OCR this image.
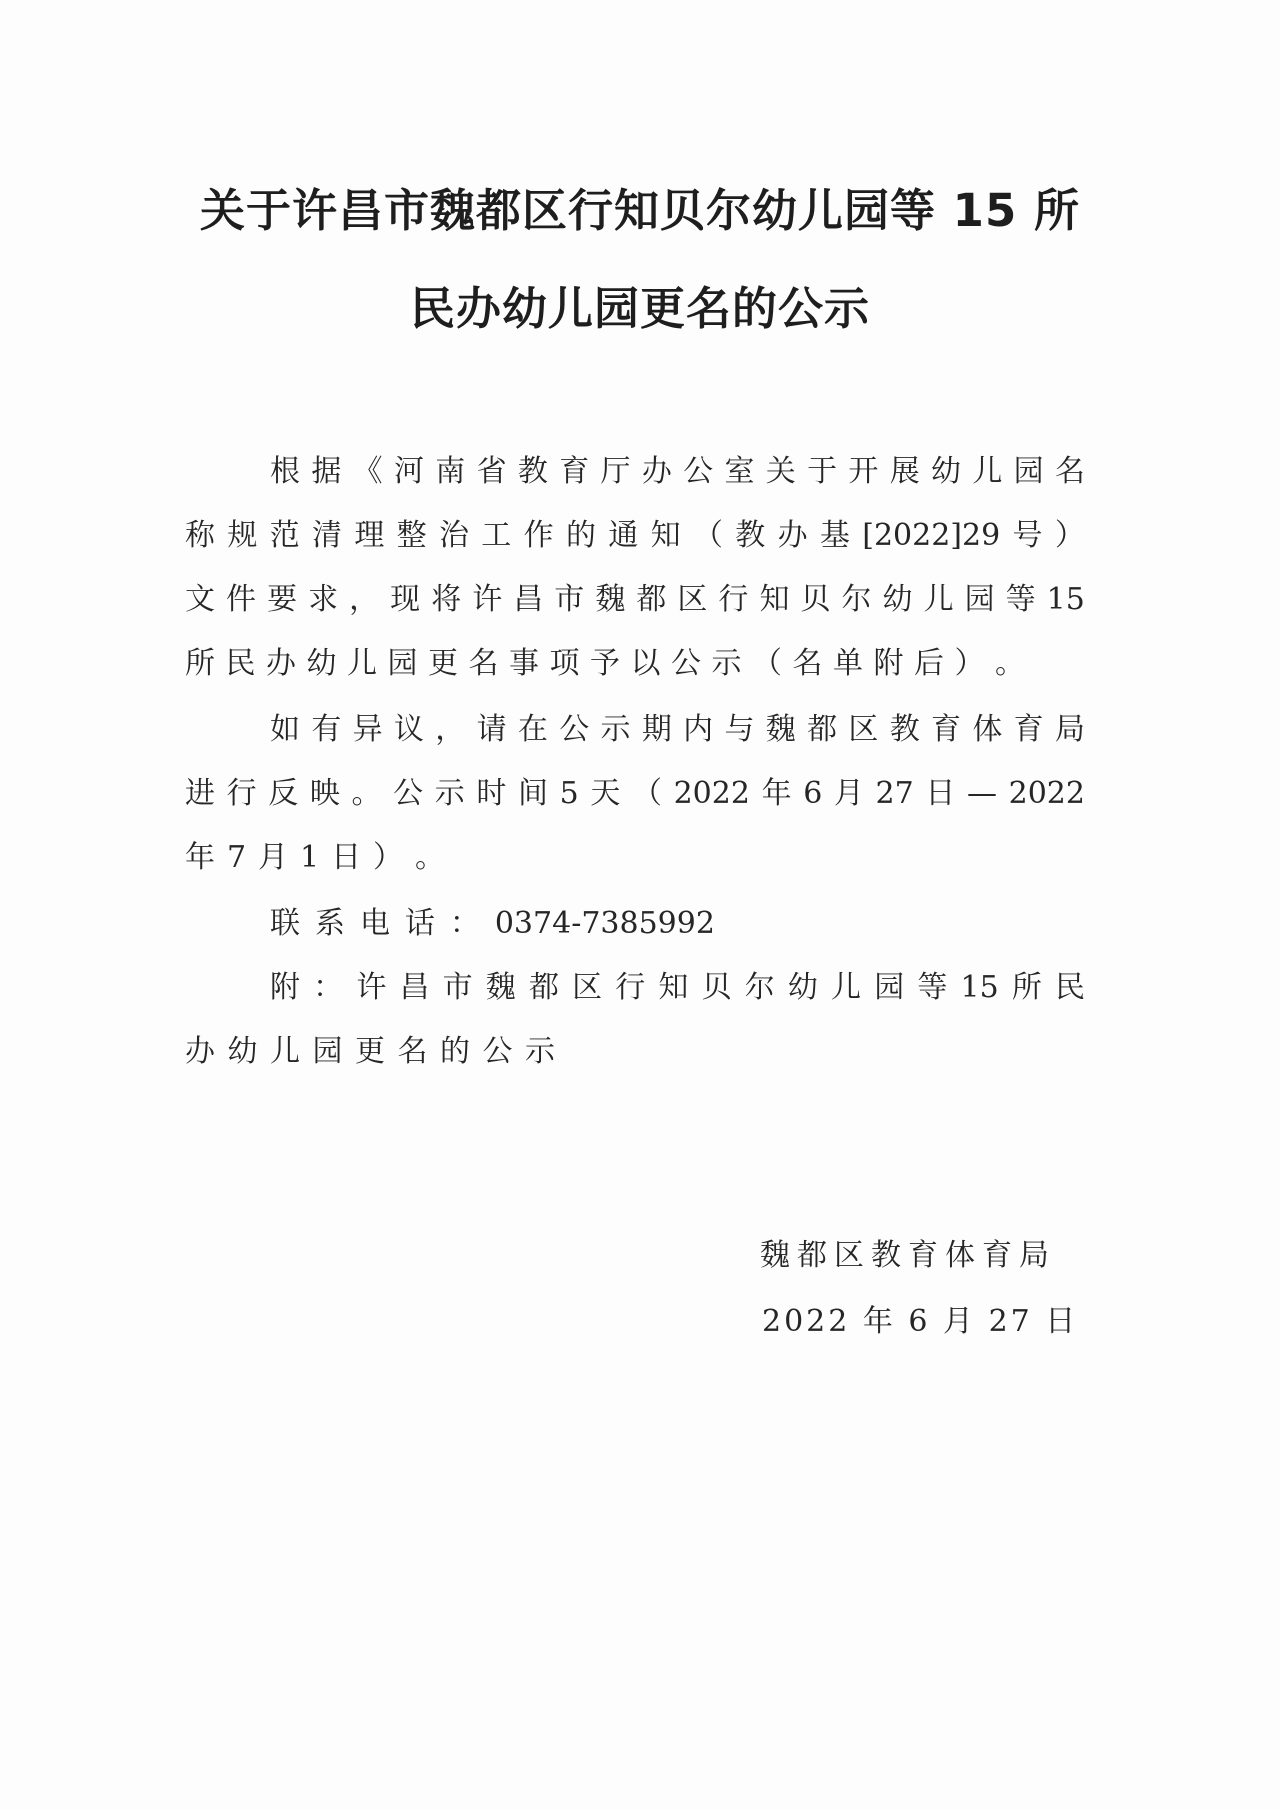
关于许昌市魏都区行知贝尔幼儿园等 15 所
民办幼儿园更名的公示
根 据 《 河 南 省 教 育 厅 办 公 室 关 于 开 展 幼 儿 园 名
称 规 范 清 理 整 治 工 作 的 通 知 （ 教 办 基 [2022]29 号 ）
文 件 要 求 ， 现 将 许 昌 市 魏 都 区 行 知 贝 尔 幼 儿 园 等 15
所 民 办 幼 儿 园 更 名 事 项 予 以 公 示 （ 名 单 附 后 ） 。
如 有 异 议 ， 请 在 公 示 期 内 与 魏 都 区 教 育 体 育 局
进 行 反 映 。 公 示 时 间 5 天 （ 2022 年 6 月 27 日 — 2022
年 7 月 1 日 ） 。
联 系 电 话 ： 0374-7385992
附 ： 许 昌 市 魏 都 区 行 知 贝 尔 幼 儿 园 等 15 所 民
办 幼 儿 园 更 名 的 公 示
魏都区教育体育局
2022 年 6 月 27 日
